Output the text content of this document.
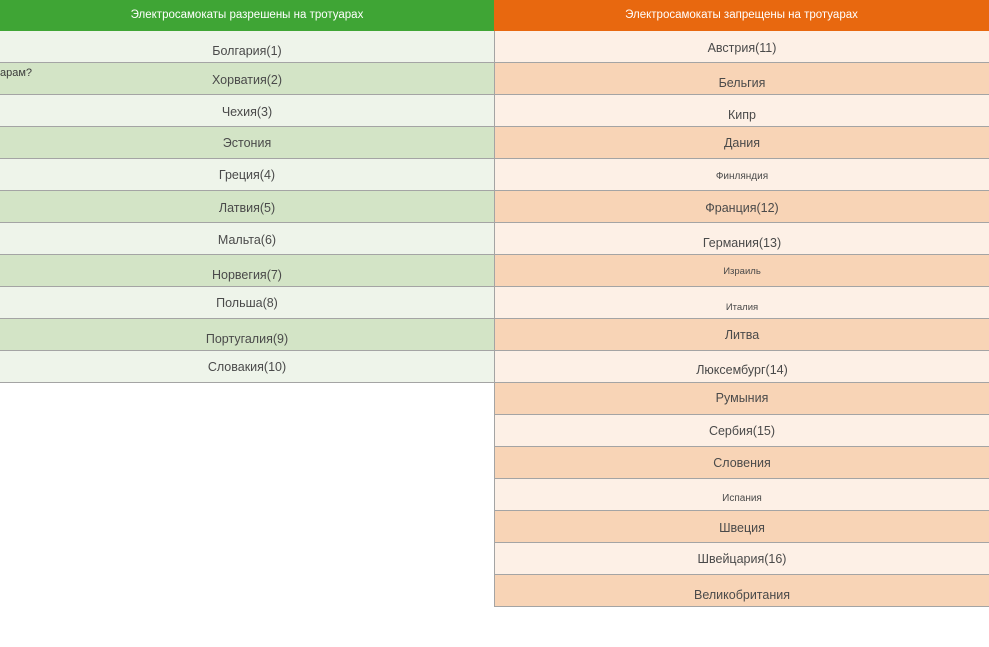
арам?
Электросамокаты разрешены на тротуарах
Болгария(1)
Хорватия(2)
Чехия(3)
Эстония
Греция(4)
Латвия(5)
Мальта(6)
Норвегия(7)
Польша(8)
Португалия(9)
Словакия(10)
Электросамокаты запрещены на тротуарах
Австрия(11)
Бельгия
Кипр
Дания
Финляндия
Франция(12)
Германия(13)
Израиль
Италия
Литва
Люксембург(14)
Румыния
Сербия(15)
Словения
Испания
Швеция
Швейцария(16)
Великобритания
